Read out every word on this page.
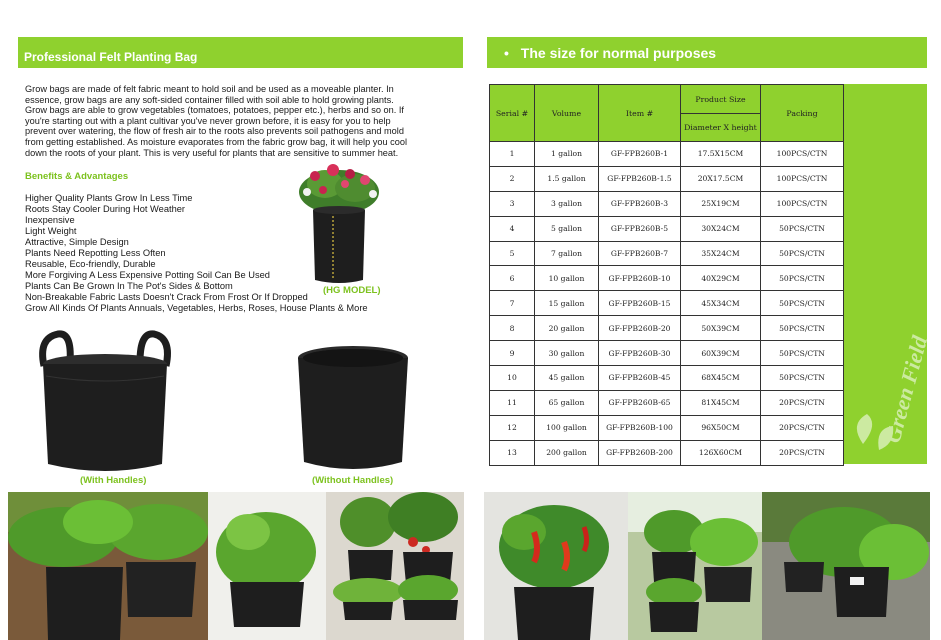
Professional Felt Planting Bag
Grow bags are made of felt fabric meant to hold soil and be used as a moveable planter. In
essence, grow bags are any soft-sided container filled with soil able to hold growing plants.
Grow bags are able to grow vegetables (tomatoes, potatoes, pepper etc.), herbs and so on. If
you're starting out with a plant cultivar you've never grown before, it is easy for you to help
prevent over watering, the flow of fresh air to the roots also prevents soil pathogens and mold
from getting established. As moisture evaporates from the fabric grow bag, it will help you cool
down the roots of your plant. This is very useful for plants that are sensitive to summer heat.
Benefits & Advantages
Higher Quality Plants Grow In Less Time
Roots Stay Cooler During Hot Weather
Inexpensive
Light Weight
Attractive, Simple Design
Plants Need Repotting Less Often
Reusable, Eco-friendly, Durable
More Forgiving A Less Expensive Potting Soil Can Be Used
Plants Can Be Grown In The Pot's Sides & Bottom
Non-Breakable Fabric Lasts Doesn't Crack From Frost Or If Dropped
Grow All Kinds Of Plants Annuals, Vegetables, Herbs, Roses, House Plants & More
(HG MODEL)
(With Handles)	(Without Handles)
• The size for normal purposes
Serial #	Volume	Item #	Product Size	Packing
			Diameter X height	
1	1 gallon	GF-FPB260B-1	17.5X15CM	100PCS/CTN
2	1.5 gallon	GF-FPB260B-1.5	20X17.5CM	100PCS/CTN
3	3 gallon	GF-FPB260B-3	25X19CM	100PCS/CTN
4	5 gallon	GF-FPB260B-5	30X24CM	50PCS/CTN
5	7 gallon	GF-FPB260B-7	35X24CM	50PCS/CTN
6	10 gallon	GF-FPB260B-10	40X29CM	50PCS/CTN
7	15 gallon	GF-FPB260B-15	45X34CM	50PCS/CTN
8	20 gallon	GF-FPB260B-20	50X39CM	50PCS/CTN
9	30 gallon	GF-FPB260B-30	60X39CM	50PCS/CTN
10	45 gallon	GF-FPB260B-45	68X45CM	50PCS/CTN
11	65 gallon	GF-FPB260B-65	81X45CM	20PCS/CTN
12	100 gallon	GF-FPB260B-100	96X50CM	20PCS/CTN
13	200 gallon	GF-FPB260B-200	126X60CM	20PCS/CTN
Green Field
